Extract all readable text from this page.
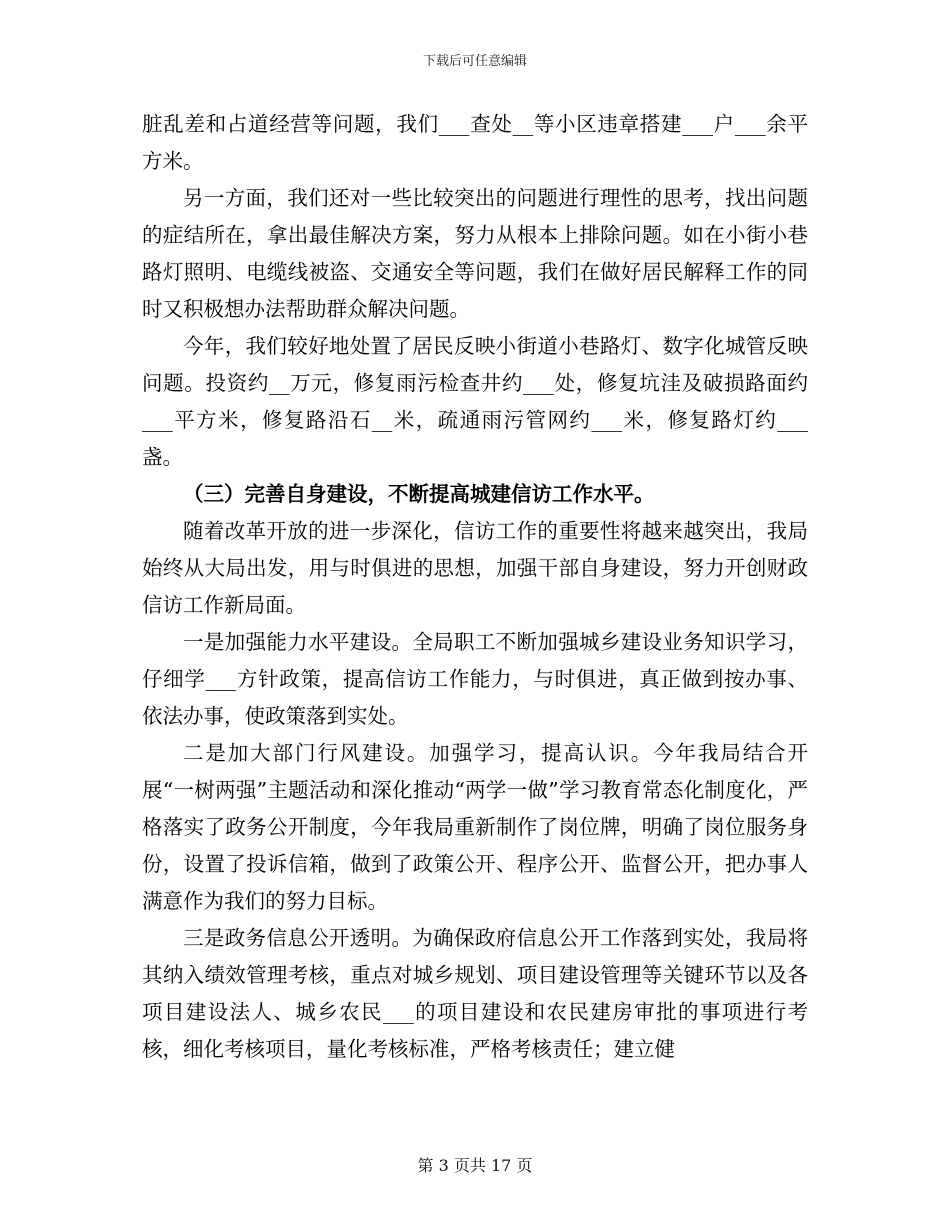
下载后可任意编辑

脏乱差和占道经营等问题，我们___查处__等小区违章搭建___户___余平方米。

另一方面，我们还对一些比较突出的问题进行理性的思考，找出问题的症结所在，拿出最佳解决方案，努力从根本上排除问题。如在小街小巷路灯照明、电缆线被盗、交通安全等问题，我们在做好居民解释工作的同时又积极想办法帮助群众解决问题。

今年，我们较好地处置了居民反映小街道小巷路灯、数字化城管反映问题。投资约__万元，修复雨污检查井约___处，修复坑洼及破损路面约___平方米，修复路沿石__米，疏通雨污管网约___米，修复路灯约___盏。

（三）完善自身建设，不断提高城建信访工作水平。

随着改革开放的进一步深化，信访工作的重要性将越来越突出，我局始终从大局出发，用与时俱进的思想，加强干部自身建设，努力开创财政信访工作新局面。

一是加强能力水平建设。全局职工不断加强城乡建设业务知识学习，仔细学___方针政策，提高信访工作能力，与时俱进，真正做到按办事、依法办事，使政策落到实处。

二是加大部门行风建设。加强学习，提高认识。今年我局结合开展“一树两强”主题活动和深化推动“两学一做”学习教育常态化制度化，严格落实了政务公开制度，今年我局重新制作了岗位牌，明确了岗位服务身份，设置了投诉信箱，做到了政策公开、程序公开、监督公开，把办事人满意作为我们的努力目标。

三是政务信息公开透明。为确保政府信息公开工作落到实处，我局将其纳入绩效管理考核，重点对城乡规划、项目建设管理等关键环节以及各项目建设法人、城乡农民___的项目建设和农民建房审批的事项进行考核，细化考核项目，量化考核标准，严格考核责任；建立健

第 3 页共 17 页
